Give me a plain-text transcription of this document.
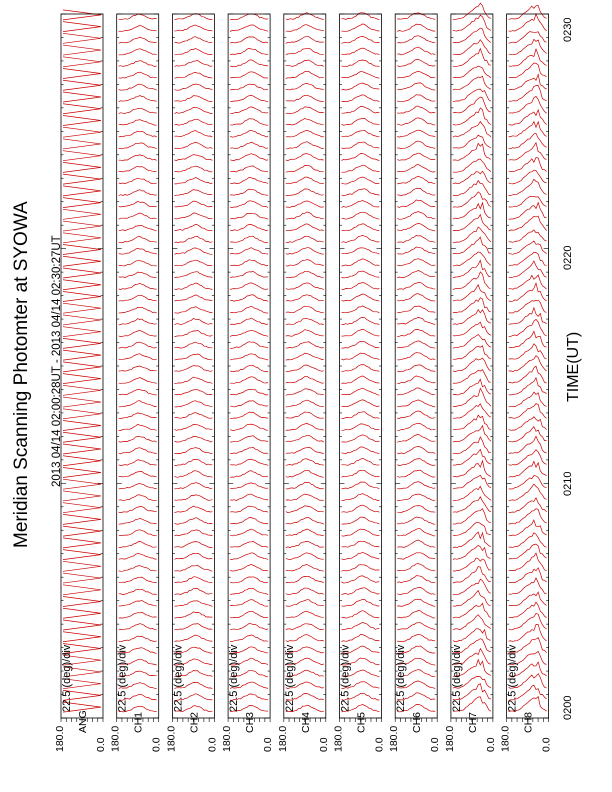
Meridian Scanning Photomter at SYOWA 2013 04/14 02:00:28UT - 2013 04/14 02:30:27UT	TIME(UT)
0200
0210
0220
0230
22.5 (deg)/div
180.0	0.0
ANG
22.5 (deg)/div
180.0	0.0
CH1
22.5 (deg)/div
180.0	0.0
CH2
22.5 (deg)/div
180.0	0.0
CH3
22.5 (deg)/div
180.0	0.0
CH4
22.5 (deg)/div
180.0	0.0
CH5
22.5 (deg)/div
180.0	0.0
CH6
22.5 (deg)/div
180.0	0.0
CH7
22.5 (deg)/div
180.0	0.0
CH8
